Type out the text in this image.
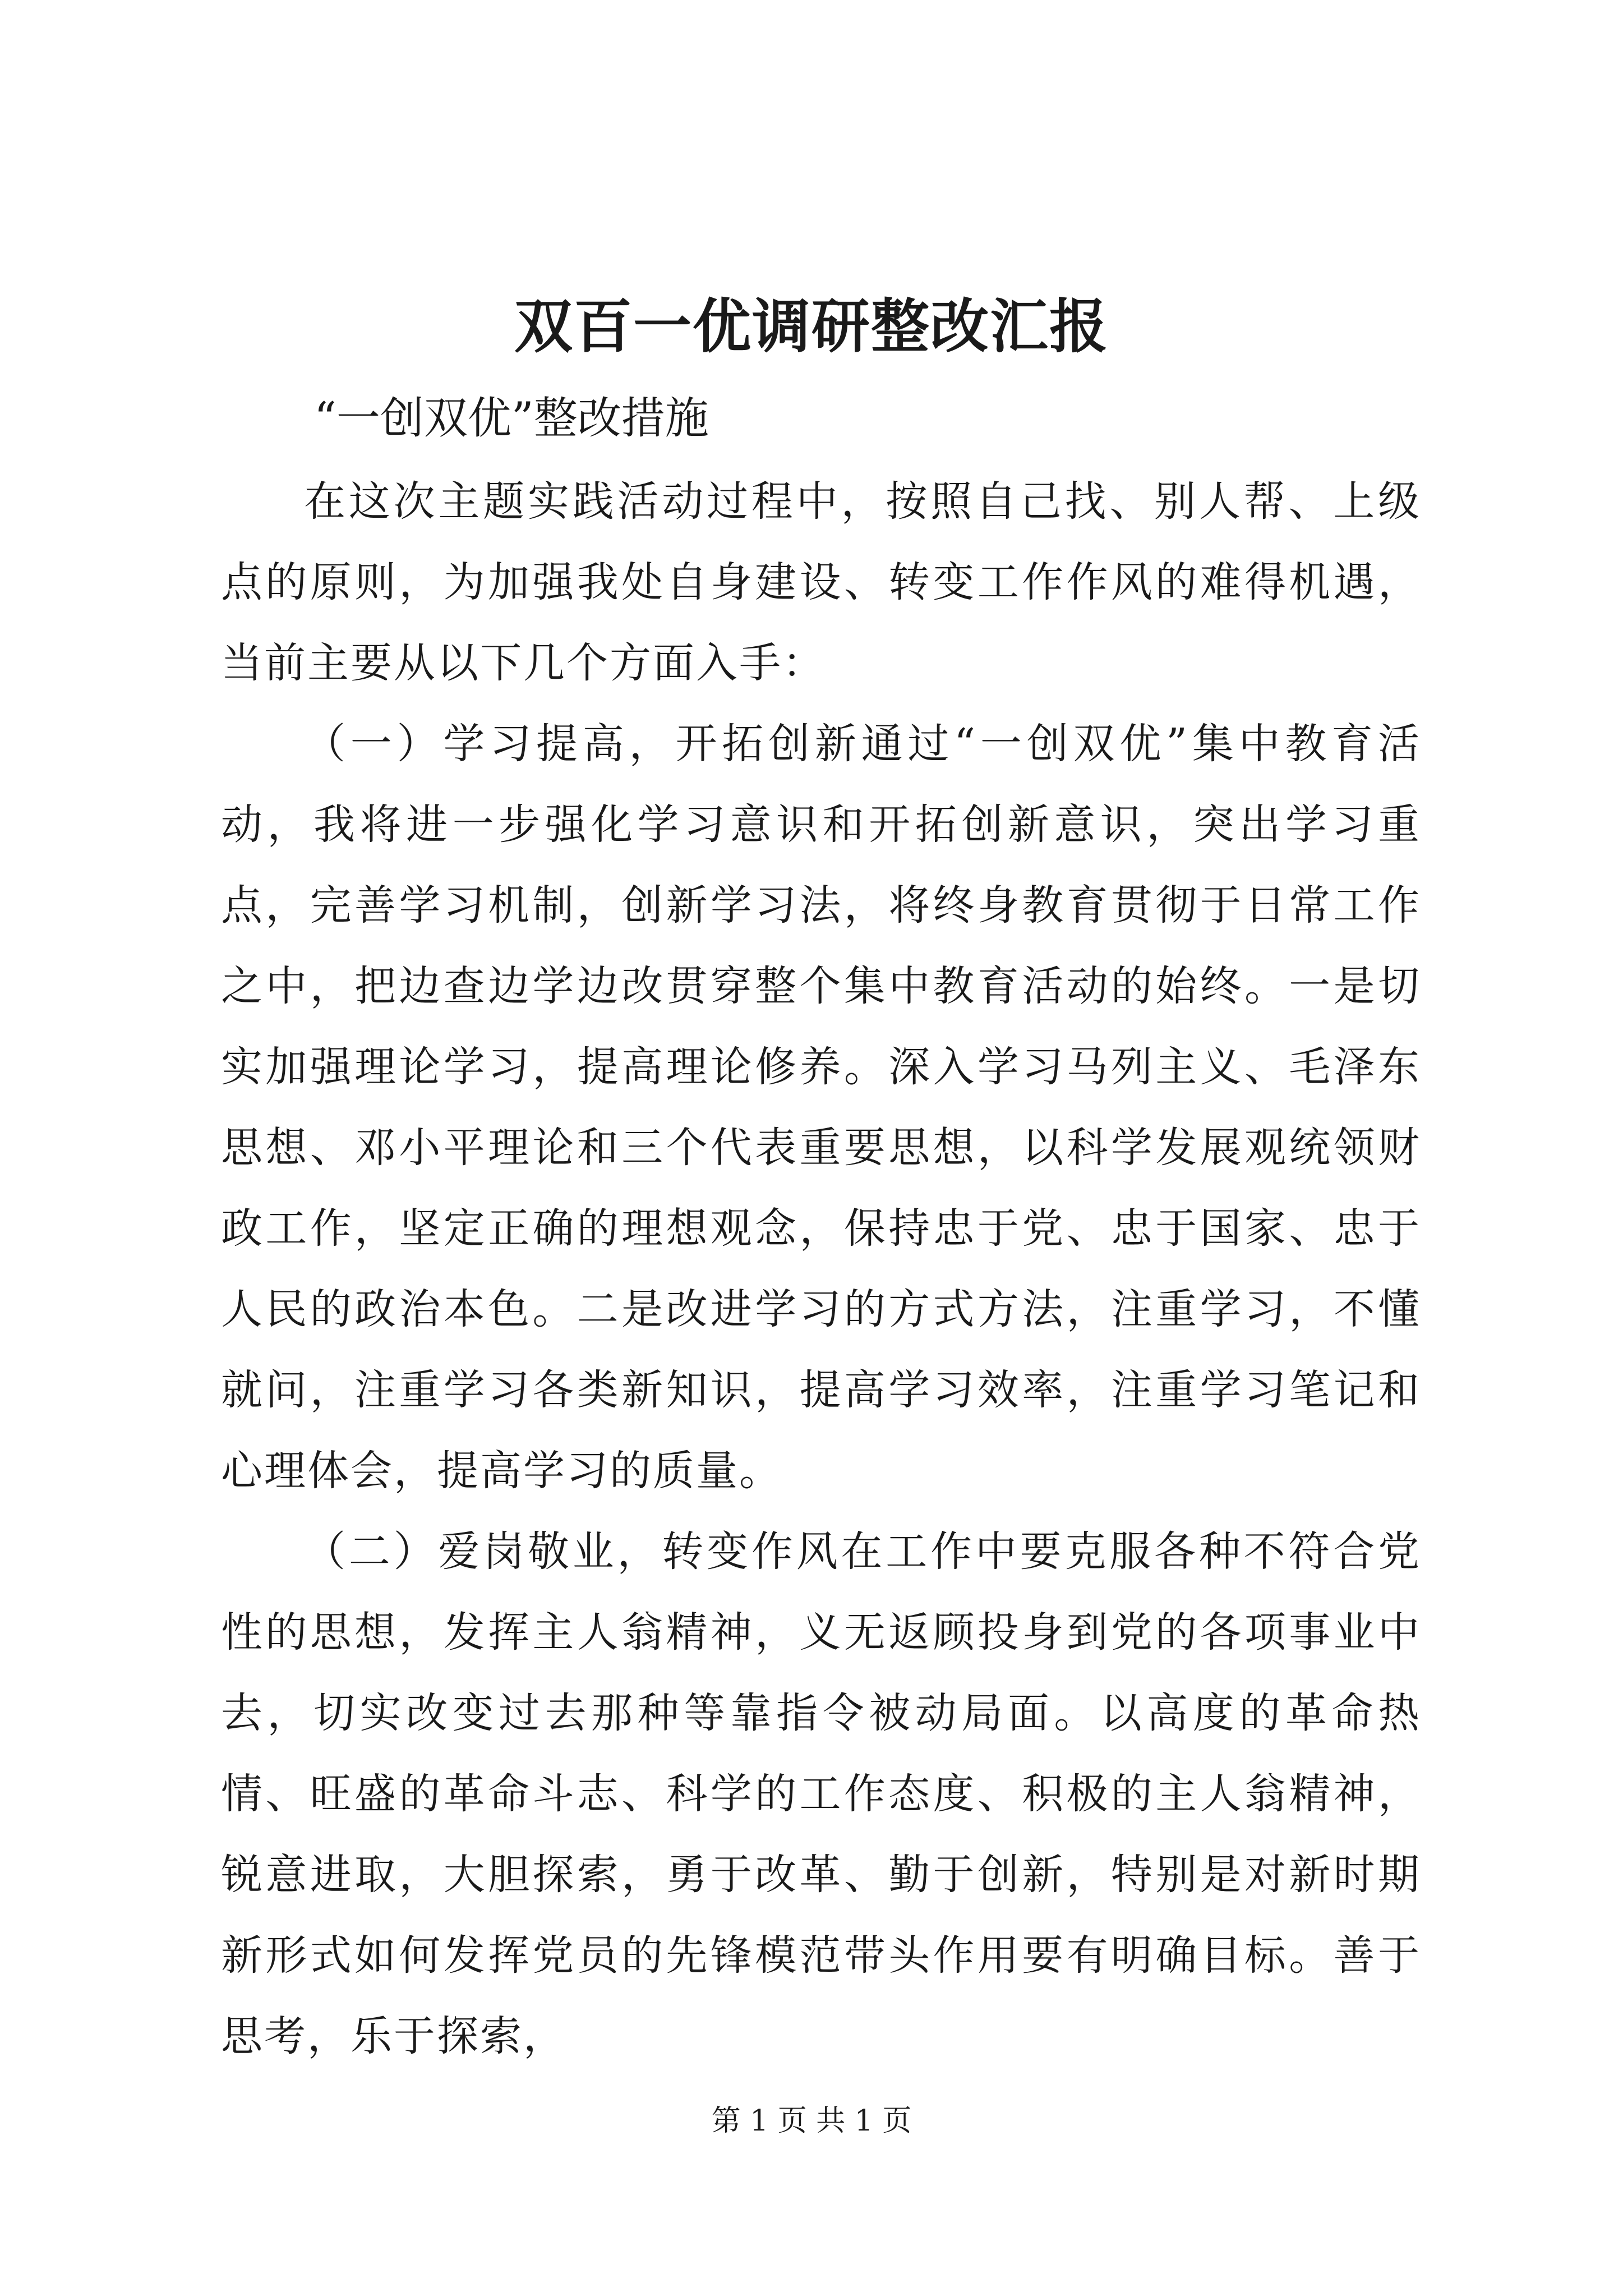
双百一优调研整改汇报
“一创双优”整改措施

在这次主题实践活动过程中，按照自己找、别人帮、上级点的原则，为加强我处自身建设、转变工作作风的难得机遇，当前主要从以下几个方面入手：

（一）学习提高，开拓创新通过“一创双优”集中教育活动，我将进一步强化学习意识和开拓创新意识，突出学习重点，完善学习机制，创新学习法，将终身教育贯彻于日常工作之中，把边查边学边改贯穿整个集中教育活动的始终。一是切实加强理论学习，提高理论修养。深入学习马列主义、毛泽东思想、邓小平理论和三个代表重要思想，以科学发展观统领财政工作，坚定正确的理想观念，保持忠于党、忠于国家、忠于人民的政治本色。二是改进学习的方式方法，注重学习，不懂就问，注重学习各类新知识，提高学习效率，注重学习笔记和心理体会，提高学习的质量。

（二）爱岗敬业，转变作风在工作中要克服各种不符合党性的思想，发挥主人翁精神，义无返顾投身到党的各项事业中去，切实改变过去那种等靠指令被动局面。以高度的革命热情、旺盛的革命斗志、科学的工作态度、积极的主人翁精神，锐意进取，大胆探索，勇于改革、勤于创新，特别是对新时期新形式如何发挥党员的先锋模范带头作用要有明确目标。善于思考，乐于探索，

第 1 页 共 1 页
